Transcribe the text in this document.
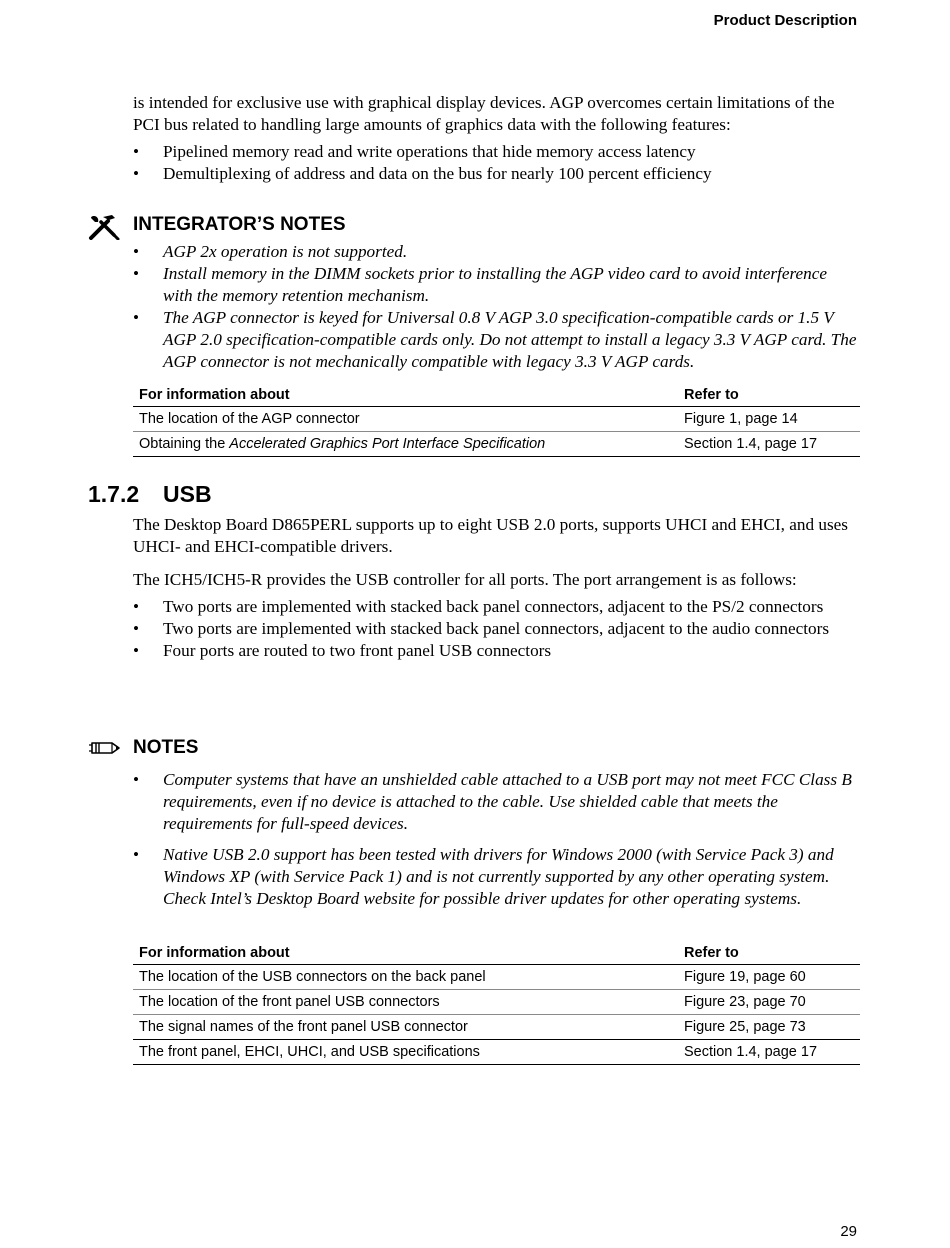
Product Description

is intended for exclusive use with graphical display devices. AGP overcomes certain limitations of the PCI bus related to handling large amounts of graphics data with the following features:

• Pipelined memory read and write operations that hide memory access latency
• Demultiplexing of address and data on the bus for nearly 100 percent efficiency
INTEGRATOR’S NOTES
• AGP 2x operation is not supported.
• Install memory in the DIMM sockets prior to installing the AGP video card to avoid interference with the memory retention mechanism.
• The AGP connector is keyed for Universal 0.8 V AGP 3.0 specification-compatible cards or 1.5 V AGP 2.0 specification-compatible cards only. Do not attempt to install a legacy 3.3 V AGP card. The AGP connector is not mechanically compatible with legacy 3.3 V AGP cards.
For information about	Refer to
The location of the AGP connector	Figure 1, page 14
Obtaining the Accelerated Graphics Port Interface Specification	Section 1.4, page 17
1.7.2 USB

The Desktop Board D865PERL supports up to eight USB 2.0 ports, supports UHCI and EHCI, and uses UHCI- and EHCI-compatible drivers.

The ICH5/ICH5-R provides the USB controller for all ports. The port arrangement is as follows:

• Two ports are implemented with stacked back panel connectors, adjacent to the PS/2 connectors
• Two ports are implemented with stacked back panel connectors, adjacent to the audio connectors
• Four ports are routed to two front panel USB connectors
NOTES
• Computer systems that have an unshielded cable attached to a USB port may not meet FCC Class B requirements, even if no device is attached to the cable. Use shielded cable that meets the requirements for full-speed devices.
• Native USB 2.0 support has been tested with drivers for Windows 2000 (with Service Pack 3) and Windows XP (with Service Pack 1) and is not currently supported by any other operating system. Check Intel’s Desktop Board website for possible driver updates for other operating systems.
For information about	Refer to
The location of the USB connectors on the back panel	Figure 19, page 60
The location of the front panel USB connectors	Figure 23, page 70
The signal names of the front panel USB connector	Figure 25, page 73
The front panel, EHCI, UHCI, and USB specifications	Section 1.4, page 17
29
